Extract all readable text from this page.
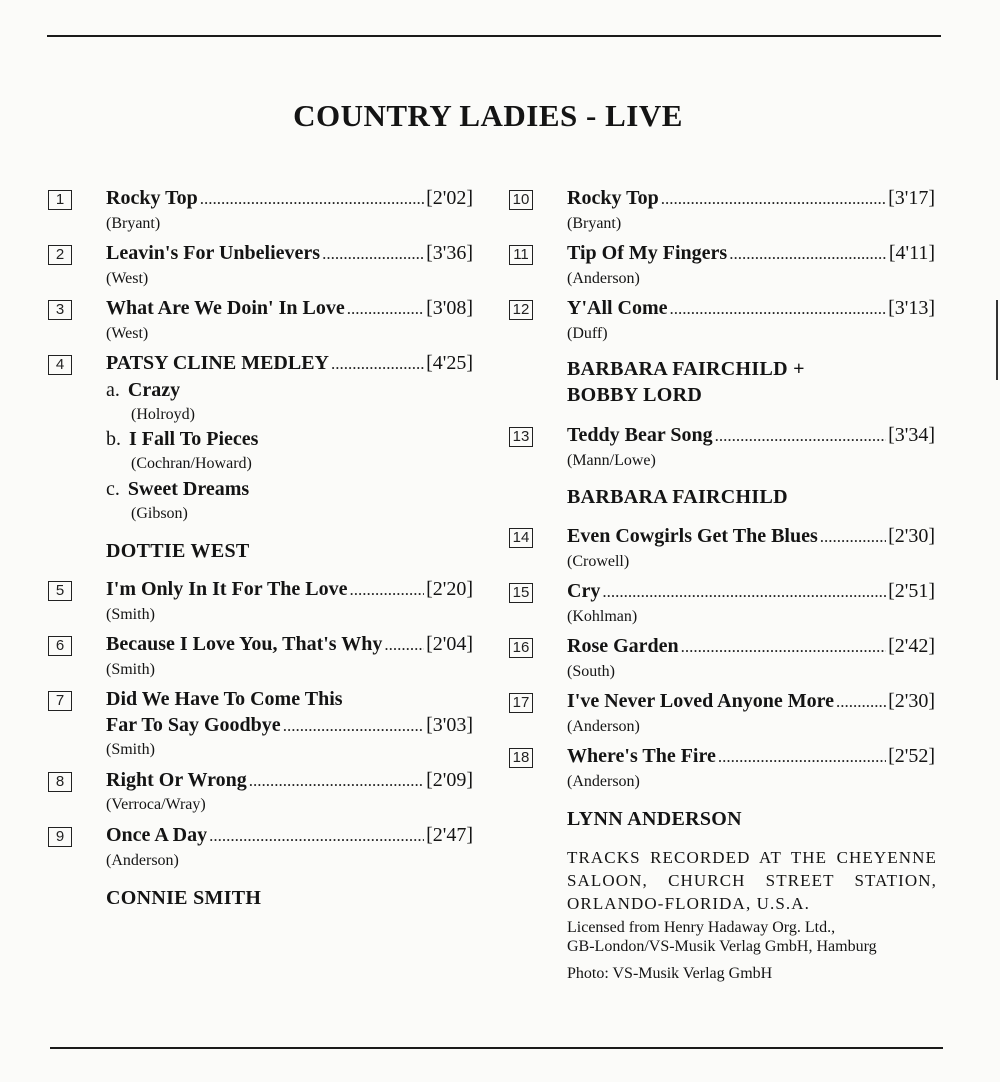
COUNTRY LADIES - LIVE
1	Rocky Top .....	[2'02]
(Bryant)
2	Leavin's For Unbelievers .....	[3'36]
(West)
3	What Are We Doin' In Love .....	[3'08]
(West)
4	PATSY CLINE MEDLEY .....	[4'25]
a. Crazy
(Holroyd)
b. I Fall To Pieces
(Cochran/Howard)
c. Sweet Dreams
(Gibson)
DOTTIE WEST
5	I'm Only In It For The Love .....	[2'20]
(Smith)
6	Because I Love You, That's Why ..... [2'04]
(Smith)
7	Did We Have To Come This
Far To Say Goodbye .....	[3'03]
(Smith)
8	Right Or Wrong .....	[2'09]
(Verroca/Wray)
9	Once A Day .....	[2'47]
(Anderson)
CONNIE SMITH
10 Rocky Top .....	[3'17]
(Bryant)
11 Tip Of My Fingers .....	[4'11]
(Anderson)
12 Y'All Come .....	[3'13]
(Duff)
BARBARA FAIRCHILD +
BOBBY LORD
13 Teddy Bear Song .....	[3'34]
(Mann/Lowe)
BARBARA FAIRCHILD
14 Even Cowgirls Get The Blues .....	[2'30]
(Crowell)
15 Cry .....	[2'51]
(Kohlman)
16 Rose Garden .....	[2'42]
(South)
17 I've Never Loved Anyone More .....	[2'30]
(Anderson)
18 Where's The Fire .....	[2'52]
(Anderson)
LYNN ANDERSON
TRACKS RECORDED AT THE CHEYENNE SALOON, CHURCH STREET STATION, ORLANDO-FLORIDA, U.S.A.
Licensed from Henry Hadaway Org. Ltd.,
GB-London/VS-Musik Verlag GmbH, Hamburg
Photo: VS-Musik Verlag GmbH
